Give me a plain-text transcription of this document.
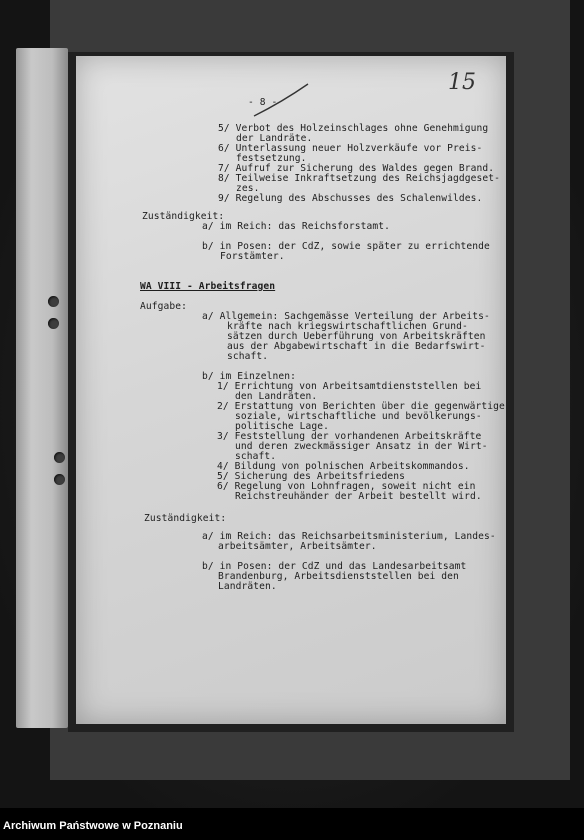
15
- 8 -
5/ Verbot des Holzeinschlages ohne Genehmigung
der Landräte.
6/ Unterlassung neuer Holzverkäufe vor Preis-
festsetzung.
7/ Aufruf zur Sicherung des Waldes gegen Brand.
8/ Teilweise Inkraftsetzung des Reichsjagdgeset-
zes.
9/ Regelung des Abschusses des Schalenwildes.
Zuständigkeit:
a/ im Reich: das Reichsforstamt.
b/ in Posen: der CdZ, sowie später zu errichtende
Forstämter.
WA VIII - Arbeitsfragen
Aufgabe:
a/ Allgemein: Sachgemässe Verteilung der Arbeits-
kräfte nach kriegswirtschaftlichen Grund-
sätzen durch Ueberführung von Arbeitskräften
aus der Abgabewirtschaft in die Bedarfswirt-
schaft.
b/ im Einzelnen:
1/ Errichtung von Arbeitsamtdienststellen bei
den Landräten.
2/ Erstattung von Berichten über die gegenwärtige
soziale, wirtschaftliche und bevölkerungs-
politische Lage.
3/ Feststellung der vorhandenen Arbeitskräfte
und deren zweckmässiger Ansatz in der Wirt-
schaft.
4/ Bildung von polnischen Arbeitskommandos.
5/ Sicherung des Arbeitsfriedens
6/ Regelung von Lohnfragen, soweit nicht ein
Reichstreuhänder der Arbeit bestellt wird.
Zuständigkeit:
a/ im Reich: das Reichsarbeitsministerium, Landes-
arbeitsämter, Arbeitsämter.
b/ in Posen: der CdZ und das Landesarbeitsamt
Brandenburg, Arbeitsdienststellen bei den
Landräten.
Archiwum Państwowe w Poznaniu
